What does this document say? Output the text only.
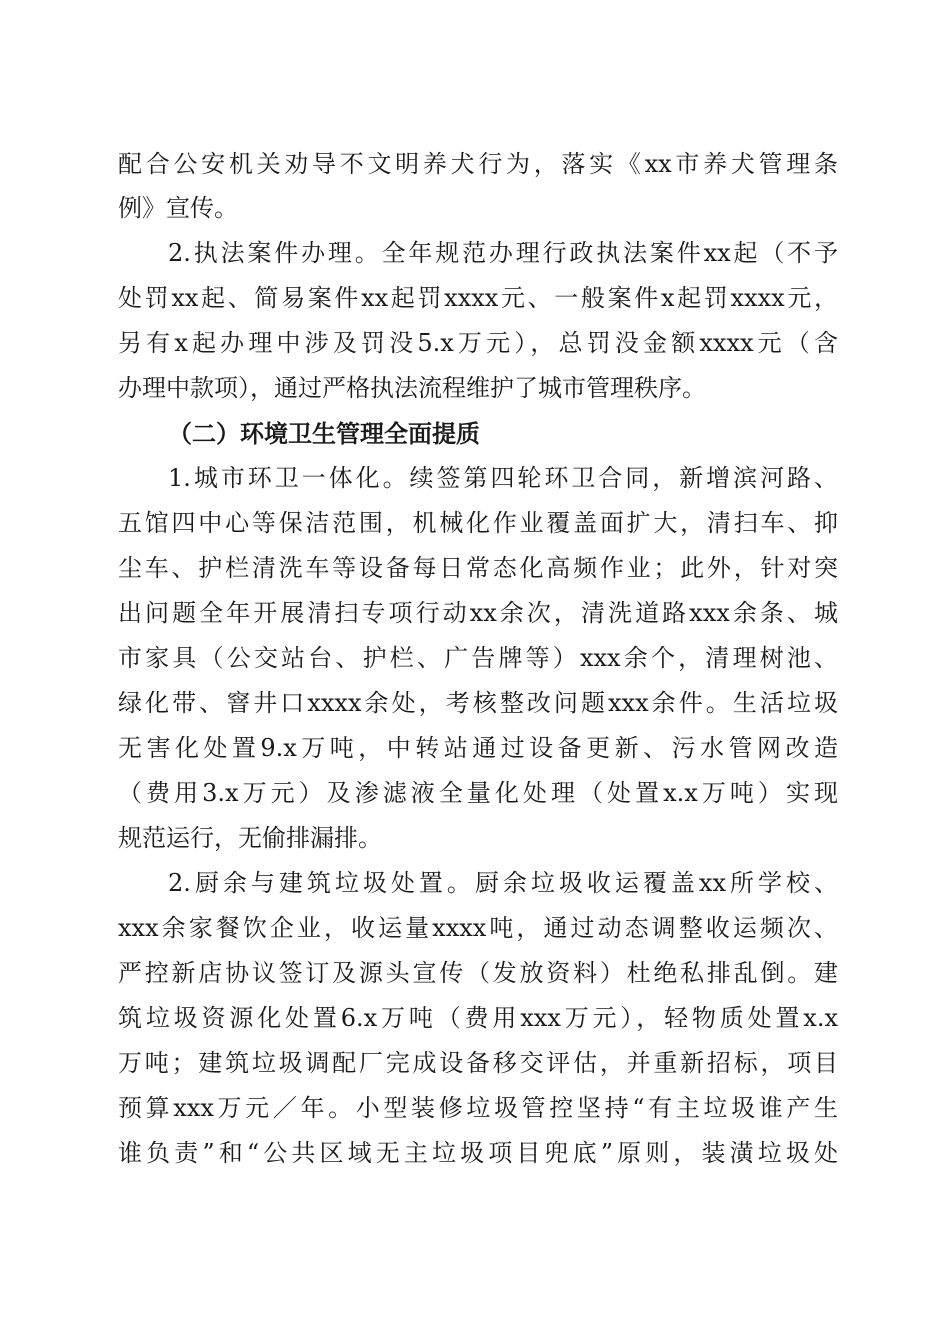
配合公安机关劝导不文明养犬行为，落实《xx市养犬管理条
例》宣传。
2.执法案件办理。全年规范办理行政执法案件xx起（不予
处罚xx起、简易案件xx起罚xxxx元、一般案件x起罚xxxx元，
另有x起办理中涉及罚没5.x万元），总罚没金额xxxx元（含
办理中款项），通过严格执法流程维护了城市管理秩序。
（二）环境卫生管理全面提质
1.城市环卫一体化。续签第四轮环卫合同，新增滨河路、
五馆四中心等保洁范围，机械化作业覆盖面扩大，清扫车、抑
尘车、护栏清洗车等设备每日常态化高频作业；此外，针对突
出问题全年开展清扫专项行动xx余次，清洗道路xxx余条、城
市家具（公交站台、护栏、广告牌等）xxx余个，清理树池、
绿化带、窨井口xxxx余处，考核整改问题xxx余件。生活垃圾
无害化处置9.x万吨，中转站通过设备更新、污水管网改造
（费用3.x万元）及渗滤液全量化处理（处置x.x万吨）实现
规范运行，无偷排漏排。
2.厨余与建筑垃圾处置。厨余垃圾收运覆盖xx所学校、
xxx余家餐饮企业，收运量xxxx吨，通过动态调整收运频次、
严控新店协议签订及源头宣传（发放资料）杜绝私排乱倒。建
筑垃圾资源化处置6.x万吨（费用xxx万元），轻物质处置x.x
万吨；建筑垃圾调配厂完成设备移交评估，并重新招标，项目
预算xxx万元／年。小型装修垃圾管控坚持“有主垃圾谁产生
谁负责”和“公共区域无主垃圾项目兜底”原则，装潢垃圾处
